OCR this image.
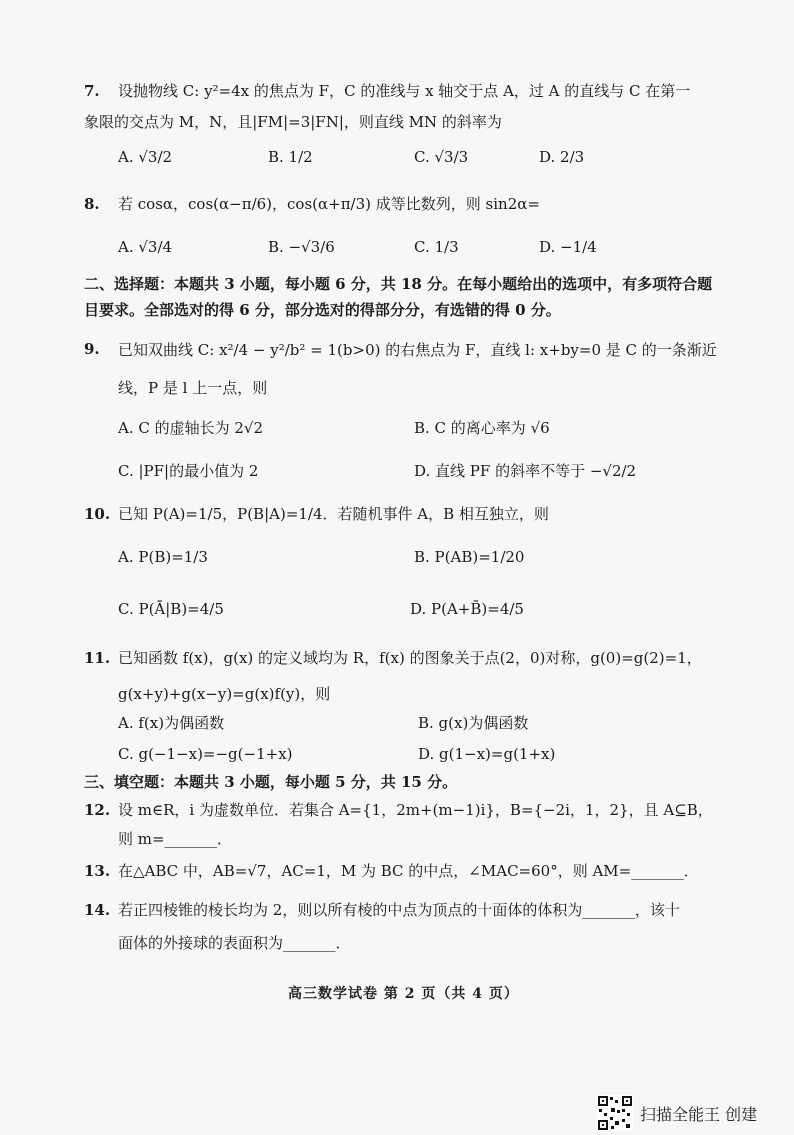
7. 设抛物线 C: y²=4x 的焦点为 F，C 的准线与 x 轴交于点 A，过 A 的直线与 C 在第一
象限的交点为 M，N，且|FM|=3|FN|，则直线 MN 的斜率为
A. √3/2	B. 1/2	C. √3/3	D. 2/3
8. 若 cosα，cos(α−π/6)，cos(α+π/3) 成等比数列，则 sin2α=
A. √3/4	B. −√3/6	C. 1/3	D. −1/4
二、选择题：本题共 3 小题，每小题 6 分，共 18 分。在每小题给出的选项中，有多项符合题
目要求。全部选对的得 6 分，部分选对的得部分分，有选错的得 0 分。
9. 已知双曲线 C: x²/4 − y²/b² = 1(b>0) 的右焦点为 F，直线 l: x+by=0 是 C 的一条渐近
线，P 是 l 上一点，则
A. C 的虚轴长为 2√2	B. C 的离心率为 √6
C. |PF|的最小值为 2	D. 直线 PF 的斜率不等于 −√2/2
10. 已知 P(A)=1/5，P(B|A)=1/4．若随机事件 A，B 相互独立，则
A. P(B)=1/3	B. P(AB)=1/20
C. P(Ā|B)=4/5	D. P(A+B̄)=4/5
11. 已知函数 f(x)，g(x) 的定义域均为 R，f(x) 的图象关于点(2，0)对称，g(0)=g(2)=1，
g(x+y)+g(x−y)=g(x)f(y)，则
A. f(x)为偶函数	B. g(x)为偶函数
C. g(−1−x)=−g(−1+x)	D. g(1−x)=g(1+x)
三、填空题：本题共 3 小题，每小题 5 分，共 15 分。
12. 设 m∈R，i 为虚数单位．若集合 A={1，2m+(m−1)i}，B={−2i，1，2}，且 A⊆B，
则 m=_______．
13. 在△ABC 中，AB=√7，AC=1，M 为 BC 的中点，∠MAC=60°，则 AM=_______．
14. 若正四棱锥的棱长均为 2，则以所有棱的中点为顶点的十面体的体积为_______，该十
面体的外接球的表面积为_______．
高三数学试卷 第 2 页（共 4 页）
扫描全能王 创建
